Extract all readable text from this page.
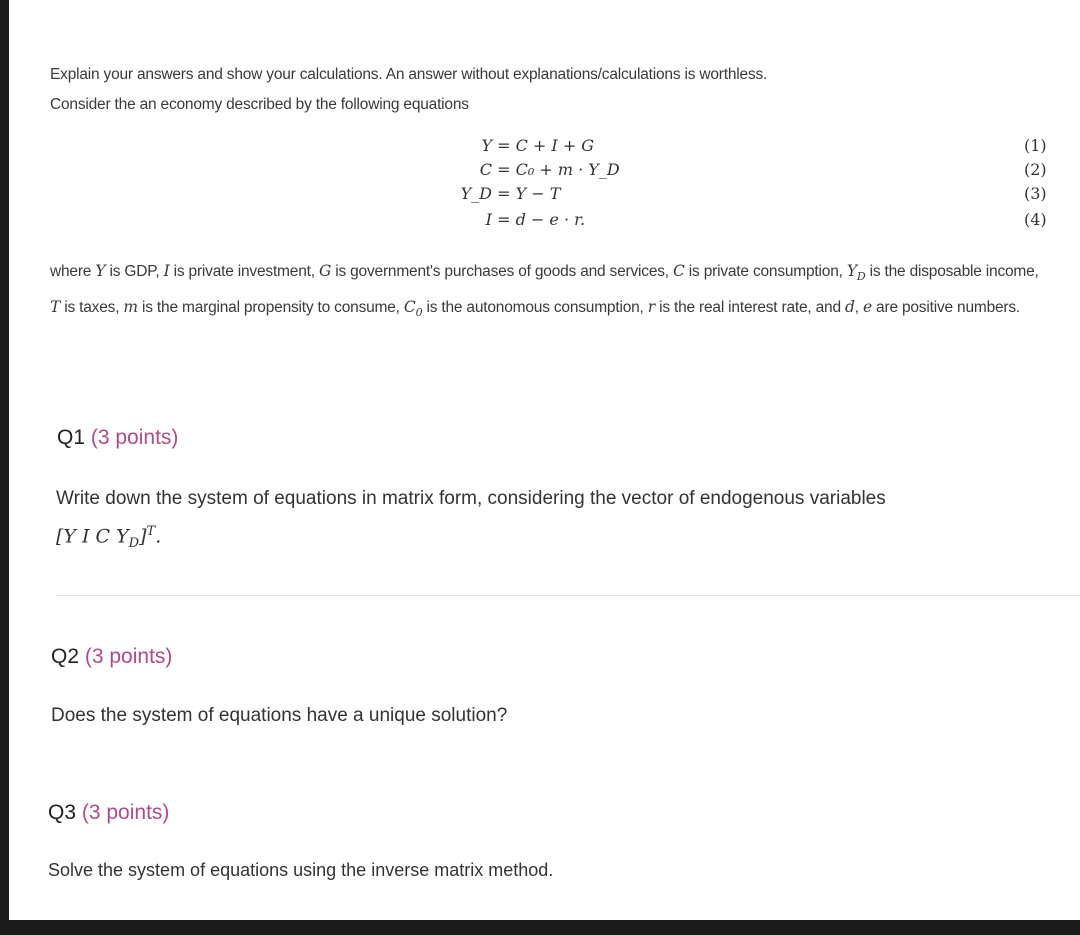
Explain your answers and show your calculations. An answer without explanations/calculations is worthless.
Consider the an economy described by the following equations
Y = C + I + G	(1)
C = C₀ + m · Y_D	(2)
Y_D = Y − T	(3)
I = d − e · r.	(4)
where Y is GDP, I is private investment, G is government's purchases of goods and services, C is private consumption, $Y_D$ is the disposable income, T is taxes, m is the marginal propensity to consume, $C_0$ is the autonomous consumption, r is the real interest rate, and d, e are positive numbers.
Q1 (3 points)
Write down the system of equations in matrix form, considering the vector of endogenous variables
[Y I C $Y_D]^T$.
Q2 (3 points)
Does the system of equations have a unique solution?
Q3 (3 points)
Solve the system of equations using the inverse matrix method.
